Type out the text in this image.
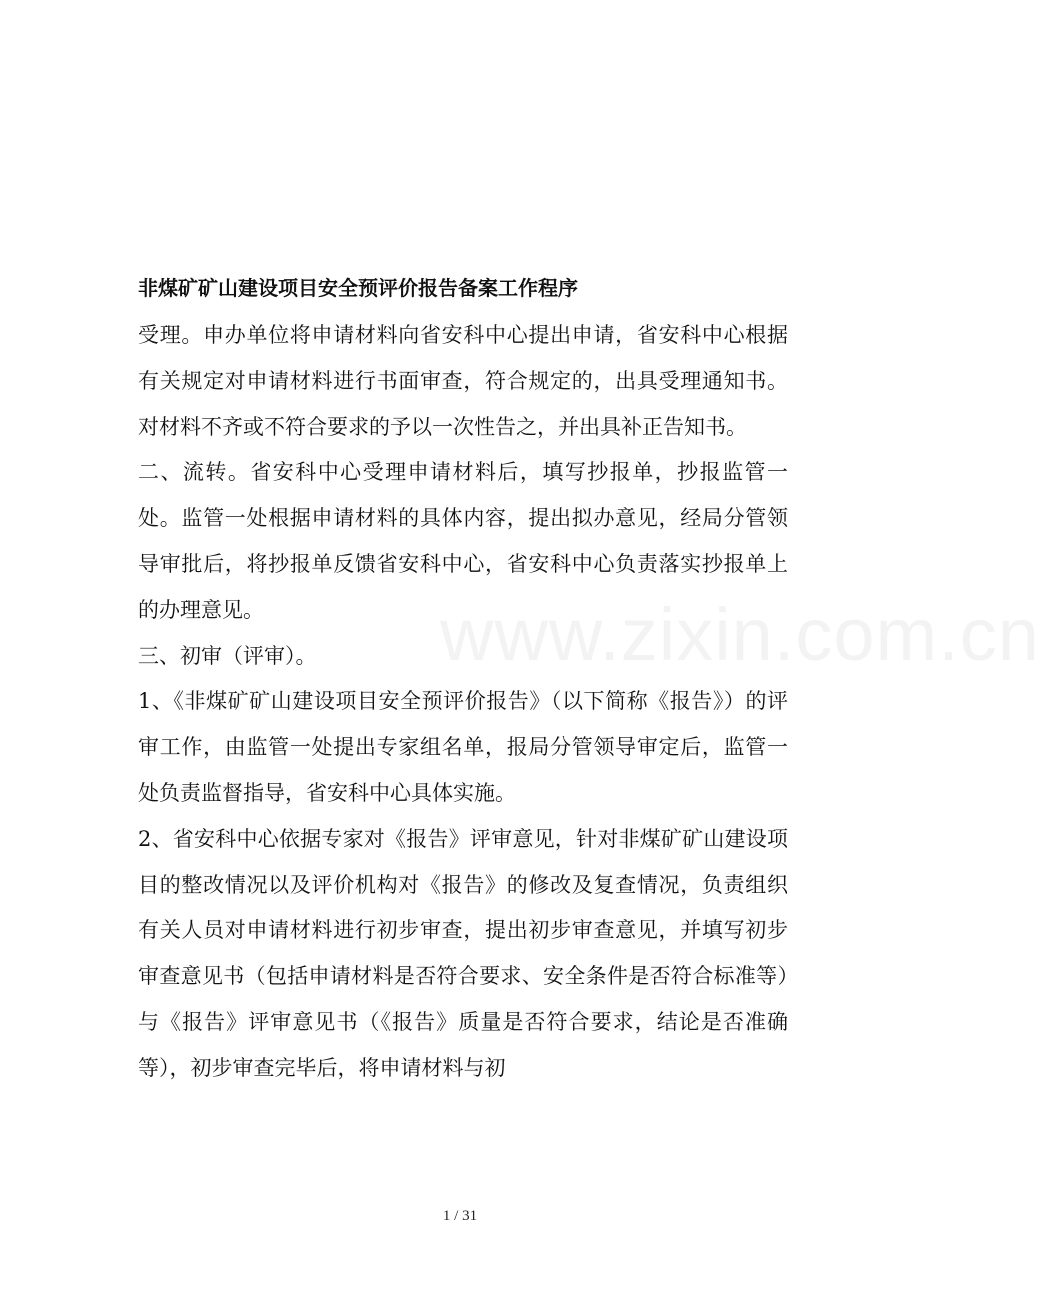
www.zixin.com.cn
非煤矿矿山建设项目安全预评价报告备案工作程序

受理。申办单位将申请材料向省安科中心提出申请，省安科中心根据有关规定对申请材料进行书面审查，符合规定的，出具受理通知书。对材料不齐或不符合要求的予以一次性告之，并出具补正告知书。

二、流转。省安科中心受理申请材料后，填写抄报单，抄报监管一处。监管一处根据申请材料的具体内容，提出拟办意见，经局分管领导审批后，将抄报单反馈省安科中心，省安科中心负责落实抄报单上的办理意见。

三、初审（评审）。

1、《非煤矿矿山建设项目安全预评价报告》（以下简称《报告》）的评审工作，由监管一处提出专家组名单，报局分管领导审定后，监管一处负责监督指导，省安科中心具体实施。

2、省安科中心依据专家对《报告》评审意见，针对非煤矿矿山建设项目的整改情况以及评价机构对《报告》的修改及复查情况，负责组织有关人员对申请材料进行初步审查，提出初步审查意见，并填写初步审查意见书（包括申请材料是否符合要求、安全条件是否符合标准等）与《报告》评审意见书（《报告》质量是否符合要求，结论是否准确等），初步审查完毕后，将申请材料与初

1 / 31
